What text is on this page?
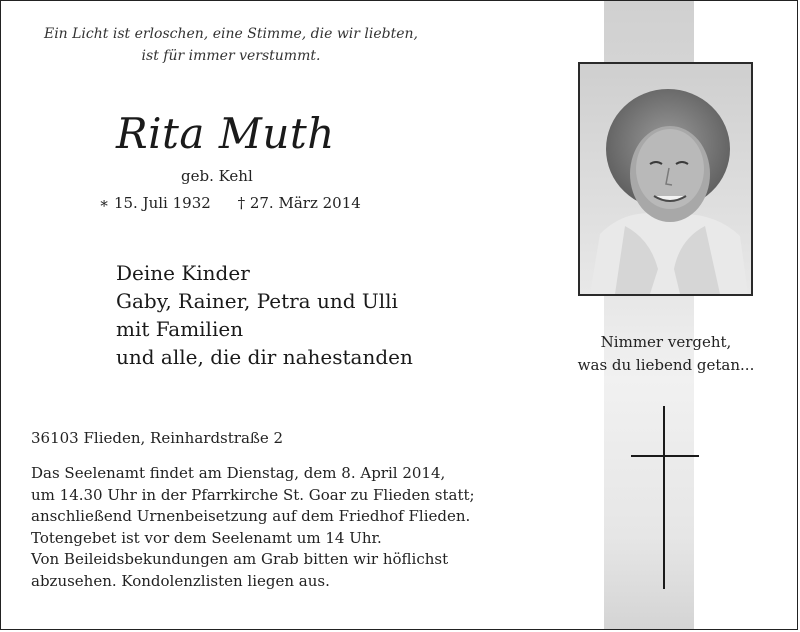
Ein Licht ist erloschen, eine Stimme, die wir liebten,
ist für immer verstummt.
Rita Muth
geb. Kehl
∗ 15. Juli 1932 † 27. März 2014
Deine Kinder
Gaby, Rainer, Petra und Ulli
mit Familien
und alle, die dir nahestanden
Nimmer vergeht,
was du liebend getan...
36103 Flieden, Reinhardstraße 2
Das Seelenamt findet am Dienstag, dem 8. April 2014,
um 14.30 Uhr in der Pfarrkirche St. Goar zu Flieden statt;
anschließend Urnenbeisetzung auf dem Friedhof Flieden.
Totengebet ist vor dem Seelenamt um 14 Uhr.
Von Beileidsbekundungen am Grab bitten wir höflichst
abzusehen. Kondolenzlisten liegen aus.
